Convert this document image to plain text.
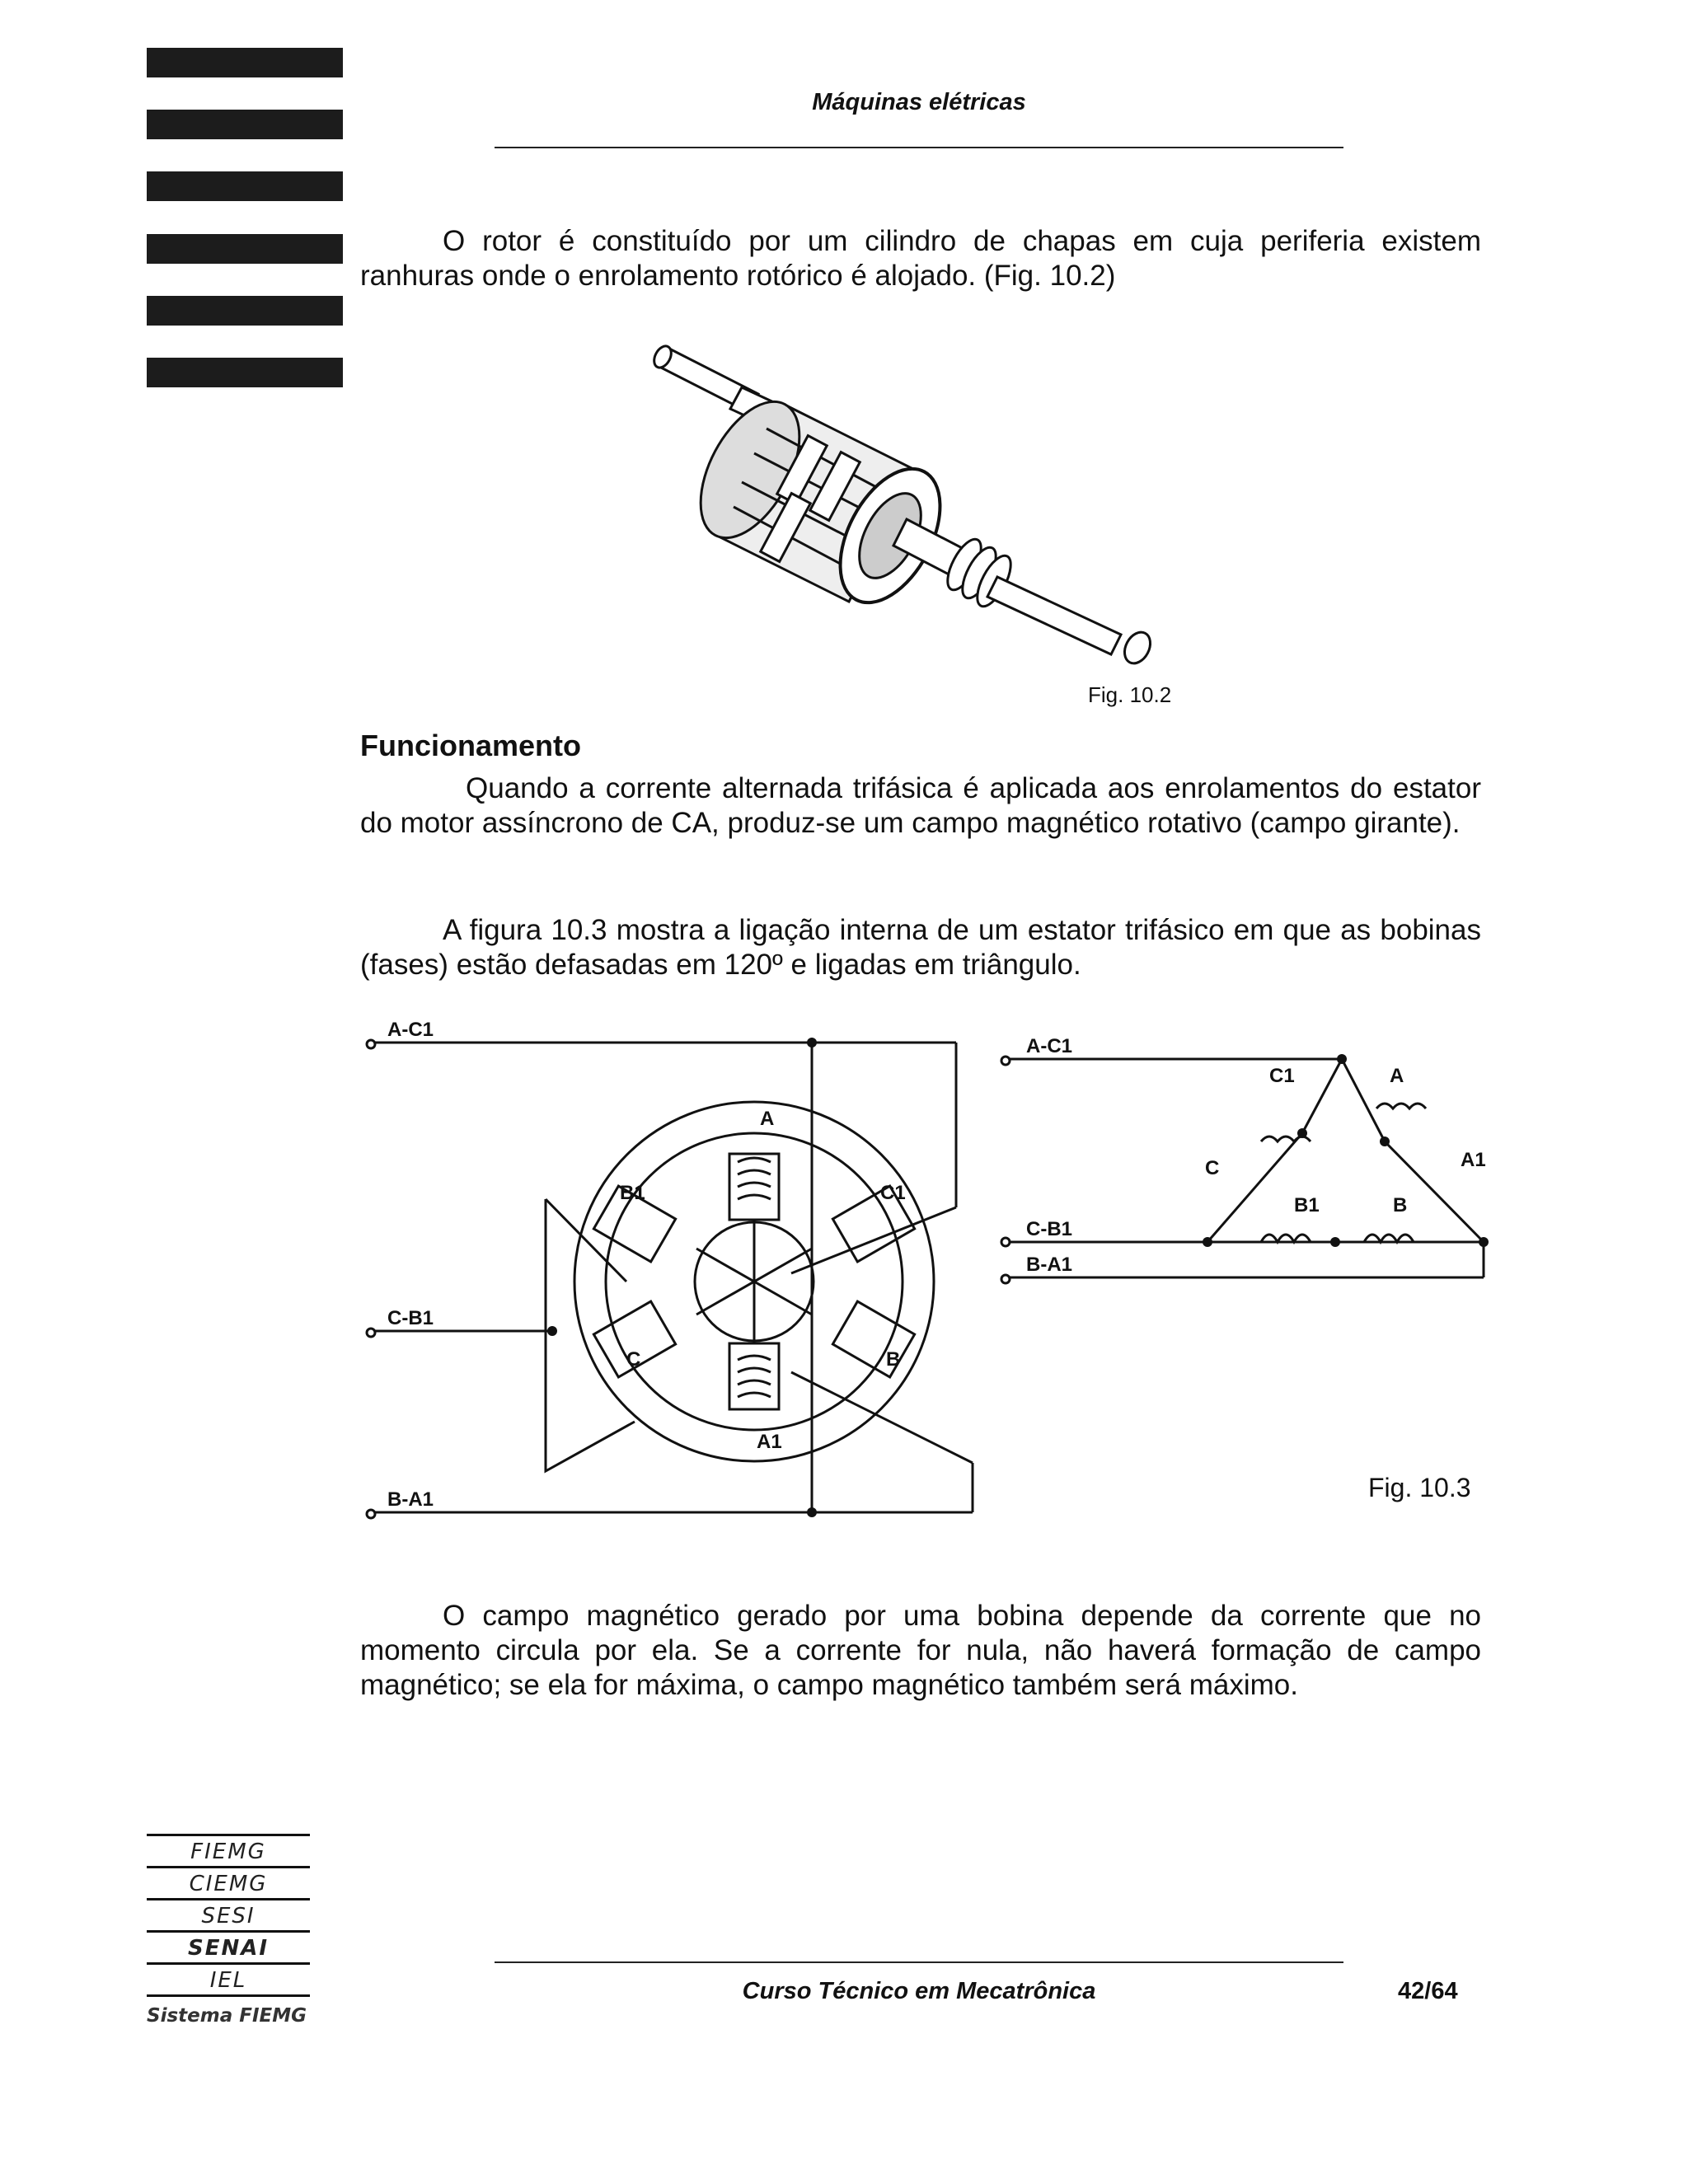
Máquinas elétricas

O rotor é constituído por um cilindro de chapas em cuja periferia existem ranhuras onde o enrolamento rotórico é alojado. (Fig. 10.2)

Fig. 10.2
Funcionamento

Quando a corrente alternada trifásica é aplicada aos enrolamentos do estator do motor assíncrono de CA, produz-se um campo magnético rotativo (campo girante).

A figura 10.3 mostra a ligação interna de um estator trifásico em que as bobinas (fases) estão defasadas em 120º e ligadas em triângulo.

A-C1
C-B1
B-A1
A
A1
B
B1
C
C1
A-C1
C-B1
B-A1
C1	A
A1
C
B1	B
Fig. 10.3

O campo magnético gerado por uma bobina depende da corrente que no momento circula por ela. Se a corrente for nula, não haverá formação de campo magnético; se ela for máxima, o campo magnético também será máximo.

FIEMG
CIEMG
SESI
SENAI
IEL
Sistema FIEMG
Curso Técnico em Mecatrônica	42/64
